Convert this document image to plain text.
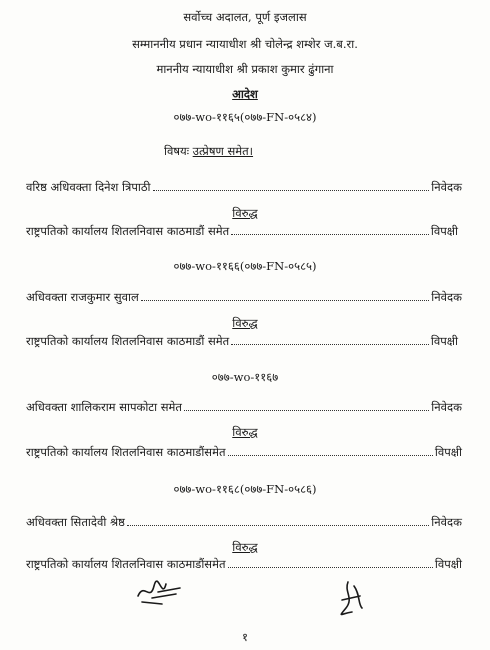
सर्वोच्च अदालत, पूर्ण इजलास
सम्माननीय प्रधान न्यायाधीश श्री चोलेन्द्र शम्शेर ज.ब.रा.
माननीय न्यायाधीश श्री प्रकाश कुमार ढुंगाना
आदेश
०७७-wo-११६५(०७७-FN-०५८४)
विषयः उत्प्रेषण समेत।
वरिष्ठ अधिवक्ता दिनेश त्रिपाठी	निवेदक
विरुद्ध
राष्ट्रपतिको कार्यालय शितलनिवास काठमाडौं समेत	विपक्षी
०७७-wo-११६६(०७७-FN-०५८५)
अधिवक्ता राजकुमार सुवाल	निवेदक
विरुद्ध
राष्ट्रपतिको कार्यालय शितलनिवास काठमाडौं समेत	विपक्षी
०७७-wo-११६७
अधिवक्ता शालिकराम सापकोटा समेत	निवेदक
विरुद्ध
राष्ट्रपतिको कार्यालय शितलनिवास काठमाडौंसमेत	विपक्षी
०७७-wo-११६८(०७७-FN-०५८६)
अधिवक्ता सितादेवी श्रेष्ठ	निवेदक
विरुद्ध
राष्ट्रपतिको कार्यालय शितलनिवास काठमाडौंसमेत	विपक्षी
१
